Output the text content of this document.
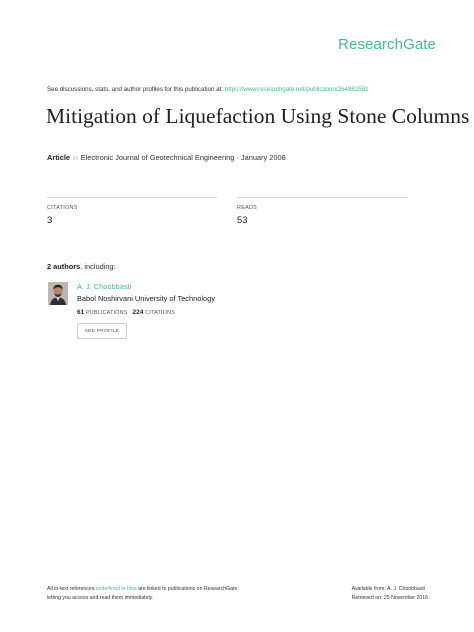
ResearchGate
See discussions, stats, and author profiles for this publication at: https://www.researchgate.net/publication/264882582
Mitigation of Liquefaction Using Stone Columns
Article in Electronic Journal of Geotechnical Engineering · January 2008
CITATIONS
3
READS
53
2 authors, including:
A. J. Choobbasti
Babol Noshirvani University of Technology
61 PUBLICATIONS 224 CITATIONS
SEE PROFILE
All in-text references underlined in blue are linked to publications on ResearchGate,
letting you access and read them immediately.
Available from: A. J. Choobbasti
Retrieved on: 25 November 2016
